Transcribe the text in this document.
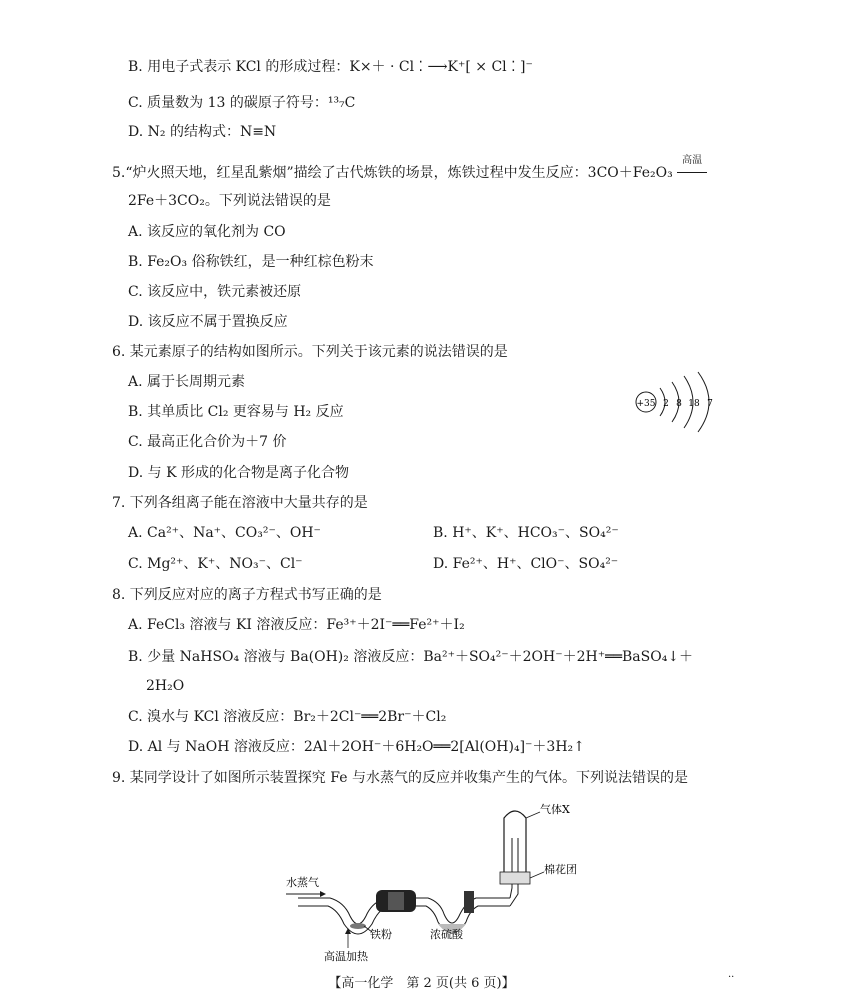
B. 用电子式表示 KCl 的形成过程：K×＋ · Cl ⁚ ⟶K⁺[ × Cl ⁚ ]⁻
C. 质量数为 13 的碳原子符号：¹³₇C
D. N₂ 的结构式：N≡N
5.“炉火照天地，红星乱紫烟”描绘了古代炼铁的场景，炼铁过程中发生反应：3CO＋Fe₂O₃
高温
2Fe＋3CO₂。下列说法错误的是
A. 该反应的氧化剂为 CO
B. Fe₂O₃ 俗称铁红，是一种红棕色粉末
C. 该反应中，铁元素被还原
D. 该反应不属于置换反应
6. 某元素原子的结构如图所示。下列关于该元素的说法错误的是
A. 属于长周期元素
B. 其单质比 Cl₂ 更容易与 H₂ 反应
C. 最高正化合价为＋7 价
D. 与 K 形成的化合物是离子化合物
+35 2 8 18 7
7. 下列各组离子能在溶液中大量共存的是
A. Ca²⁺、Na⁺、CO₃²⁻、OH⁻	B. H⁺、K⁺、HCO₃⁻、SO₄²⁻
C. Mg²⁺、K⁺、NO₃⁻、Cl⁻	D. Fe²⁺、H⁺、ClO⁻、SO₄²⁻
8. 下列反应对应的离子方程式书写正确的是
A. FeCl₃ 溶液与 KI 溶液反应：Fe³⁺＋2I⁻══Fe²⁺＋I₂
B. 少量 NaHSO₄ 溶液与 Ba(OH)₂ 溶液反应：Ba²⁺＋SO₄²⁻＋2OH⁻＋2H⁺══BaSO₄↓＋
2H₂O
C. 溴水与 KCl 溶液反应：Br₂＋2Cl⁻══2Br⁻＋Cl₂
D. Al 与 NaOH 溶液反应：2Al＋2OH⁻＋6H₂O══2[Al(OH)₄]⁻＋3H₂↑
9. 某同学设计了如图所示装置探究 Fe 与水蒸气的反应并收集产生的气体。下列说法错误的是
气体X
棉花团
水蒸气
铁粉	浓硫酸
高温加热
【高一化学　第 2 页(共 6 页)】	··
